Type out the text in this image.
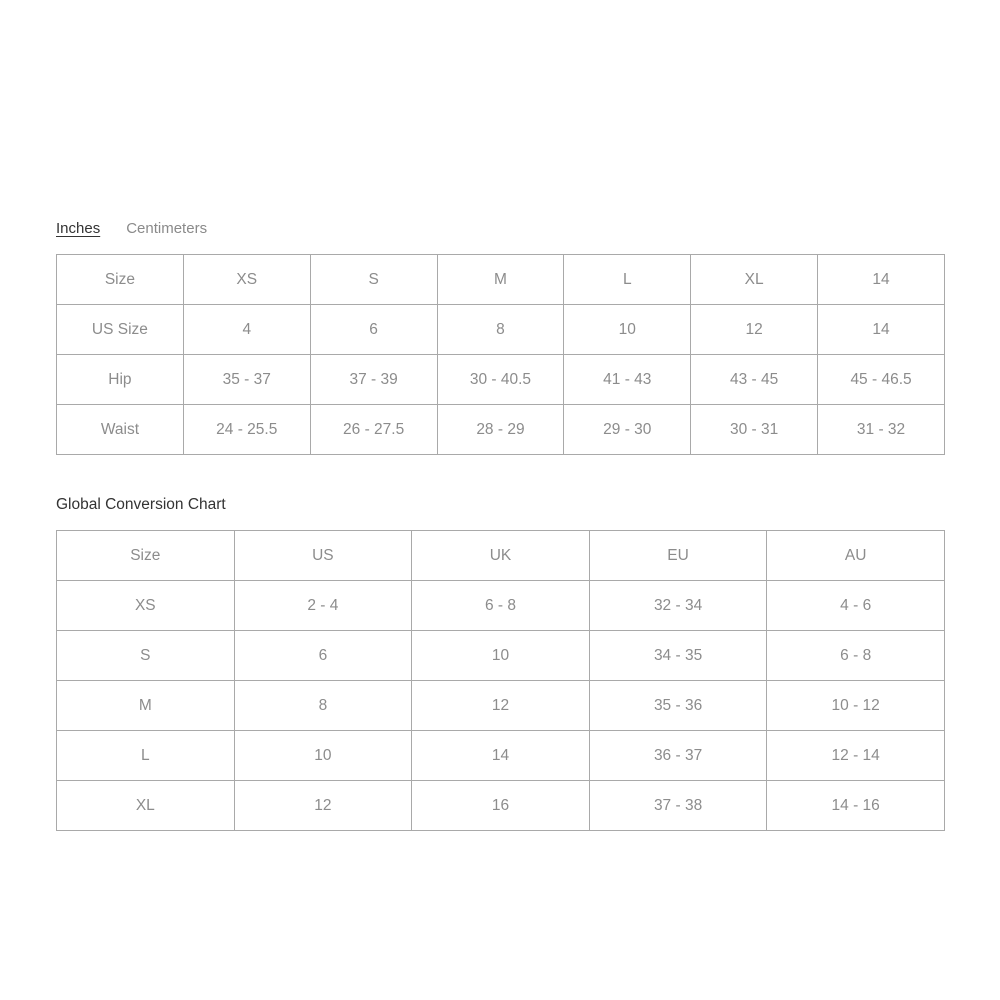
Inches Centimeters
Size	XS	S	M	L	XL	14
US Size	4	6	8	10	12	14
Hip	35 - 37	37 - 39	30 - 40.5	41 - 43	43 - 45	45 - 46.5
Waist	24 - 25.5	26 - 27.5	28 - 29	29 - 30	30 - 31	31 - 32
Global Conversion Chart
Size	US	UK	EU	AU
XS	2 - 4	6 - 8	32 - 34	4 - 6
S	6	10	34 - 35	6 - 8
M	8	12	35 - 36	10 - 12
L	10	14	36 - 37	12 - 14
XL	12	16	37 - 38	14 - 16
